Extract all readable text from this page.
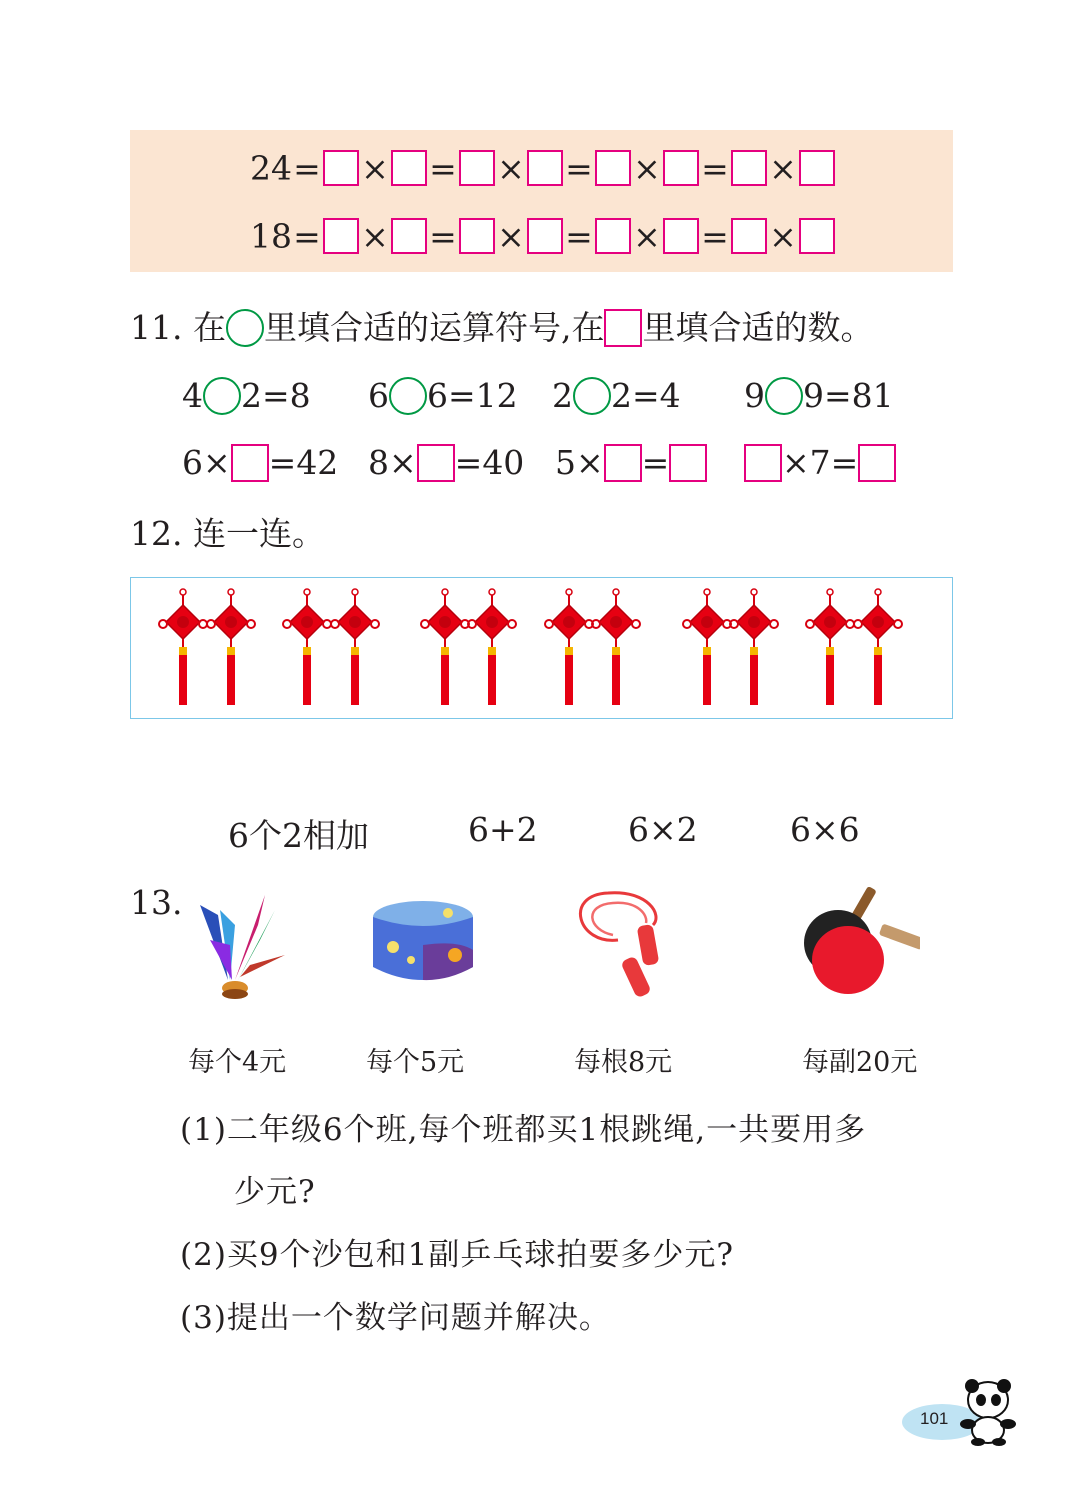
24= × = × = × = ×
18= × = × = × = ×
11. 在 里填合适的运算符号,在 里填合适的数。
4 2=8 6 6=12 2 2=4 9 9=81
6× =42 8× =40 5× =	×7=
12. 连一连。
6个2相加	6+2	6×2	6×6
13.
每个4元	每个5元	每根8元	每副20元
(1)二年级6个班,每个班都买1根跳绳,一共要用多
少元?
(2)买9个沙包和1副乒乓球拍要多少元?
(3)提出一个数学问题并解决。
101
